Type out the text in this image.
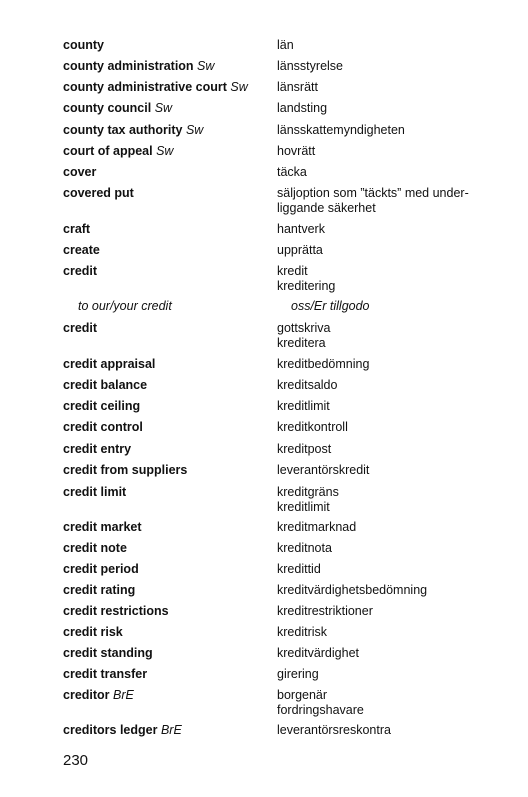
county	län
county administration Sw	länsstyrelse
county administrative court Sw	länsrätt
county council Sw	landsting
county tax authority Sw	länsskattemyndigheten
court of appeal Sw	hovrätt
cover	täcka
covered put	säljoption som ”täckts” med under-
liggande säkerhet
craft	hantverk
create	upprätta
credit	kredit
kreditering
to our/your credit	oss/Er tillgodo
credit	gottskriva
kreditera
credit appraisal	kreditbedömning
credit balance	kreditsaldo
credit ceiling	kreditlimit
credit control	kreditkontroll
credit entry	kreditpost
credit from suppliers	leverantörskredit
credit limit	kreditgräns
kreditlimit
credit market	kreditmarknad
credit note	kreditnota
credit period	kredittid
credit rating	kreditvärdighetsbedömning
credit restrictions	kreditrestriktioner
credit risk	kreditrisk
credit standing	kreditvärdighet
credit transfer	girering
creditor BrE	borgenär
fordringshavare
creditors ledger BrE	leverantörsreskontra
230
